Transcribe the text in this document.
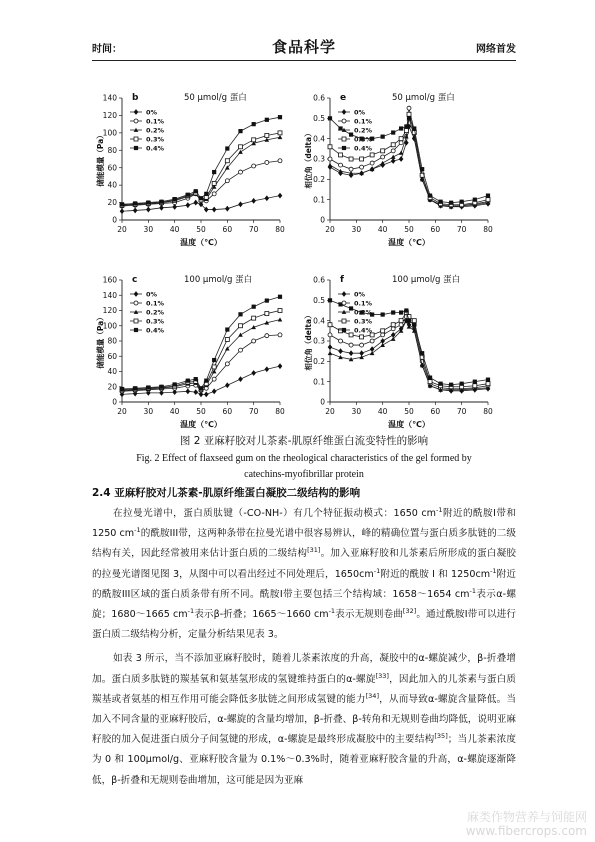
时间：	食品科学	网络首发
20 30 40 50 60 70 80
0
20
40
60
80
100
120
140 b	50 μmol/g 蛋白
温度（℃）
储能模量（Pa）
0%
0.1%
0.2%
0.3%
0.4%
20 30 40 50 60 70 80
0
0.1
0.2
0.3
0.4
0.5
0.6 e	50 μmol/g 蛋白
温度（℃）
相位角（delta）
0%
0.1%
0.2%
0.3%
0.4%
20 30 40 50 60 70 80
0
20
40
60
80
100
120
140
160 c	100 μmol/g 蛋白
温度（℃）
储能模量（Pa）
0%
0.1%
0.2%
0.3%
0.4%
20 30 40 50 60 70 80
0
0.1
0.2
0.3
0.4
0.5
0.6 f	100 μmol/g 蛋白
温度（℃）
相位角（delta）
0%
0.1%
0.2%
0.3%
0.4%
图 2 亚麻籽胶对儿茶素-肌原纤维蛋白流变特性的影响
Fig. 2 Effect of flaxseed gum on the rheological characteristics of the gel formed by
catechins-myofibrillar protein
2.4 亚麻籽胶对儿茶素-肌原纤维蛋白凝胶二级结构的影响

在拉曼光谱中，蛋白质肽键（-CO-NH-）有几个特征振动模式：1650 $cm^{-1}$附近的酰胺I带和1250 $cm^{-1}$的酰胺III带，这两种条带在拉曼光谱中很容易辨认，峰的精确位置与蛋白质多肽链的二级结构有关，因此经常被用来估计蛋白质的二级结构[31]。加入亚麻籽胶和儿茶素后所形成的蛋白凝胶的拉曼光谱图见图 3，从图中可以看出经过不同处理后，$1650cm^{-1}$附近的酰胺 I 和 $1250cm^{-1}$附近的酰胺III区域的蛋白质条带有所不同。酰胺I带主要包括三个结构域：1658～1654 $cm^{-1}$表示α-螺旋；1680～1665 $cm^{-1}$表示β-折叠；1665～1660 $cm^{-1}$表示无规则卷曲[32]。通过酰胺I带可以进行蛋白质二级结构分析，定量分析结果见表 3。

如表 3 所示，当不添加亚麻籽胶时，随着儿茶素浓度的升高，凝胶中的α-螺旋减少，β-折叠增加。蛋白质多肽链的羰基氧和氨基氢形成的氢键维持蛋白的α-螺旋[33]，因此加入的儿茶素与蛋白质羰基或者氨基的相互作用可能会降低多肽链之间形成氢键的能力[34]，从而导致α-螺旋含量降低。当加入不同含量的亚麻籽胶后，α-螺旋的含量均增加，β-折叠、β-转角和无规则卷曲均降低，说明亚麻籽胶的加入促进蛋白质分子间氢键的形成，α-螺旋是最终形成凝胶中的主要结构[35]；当儿茶素浓度为 0 和 100μmol/g、亚麻籽胶含量为 0.1%～0.3%时，随着亚麻籽胶含量的升高，α-螺旋逐渐降低，β-折叠和无规则卷曲增加，这可能是因为亚麻

麻类作物营养与饲能网
www.fibercrops.com
